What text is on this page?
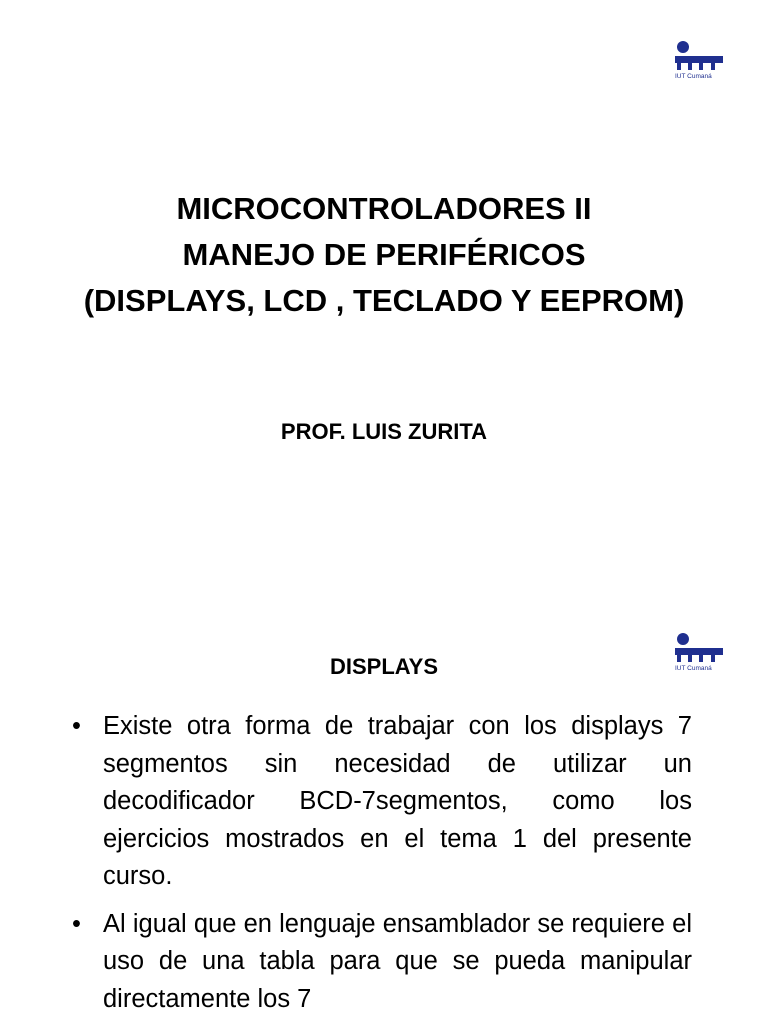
IUT Cumaná
MICROCONTROLADORES II
MANEJO DE PERIFÉRICOS
(DISPLAYS, LCD , TECLADO Y EEPROM)
PROF. LUIS ZURITA
IUT Cumaná
DISPLAYS
• Existe otra forma de trabajar con los displays 7 segmentos sin necesidad de utilizar un decodificador BCD-7segmentos, como los ejercicios mostrados en el tema 1 del presente curso.
• Al igual que en lenguaje ensamblador se requiere el uso de una tabla para que se pueda manipular directamente los 7
